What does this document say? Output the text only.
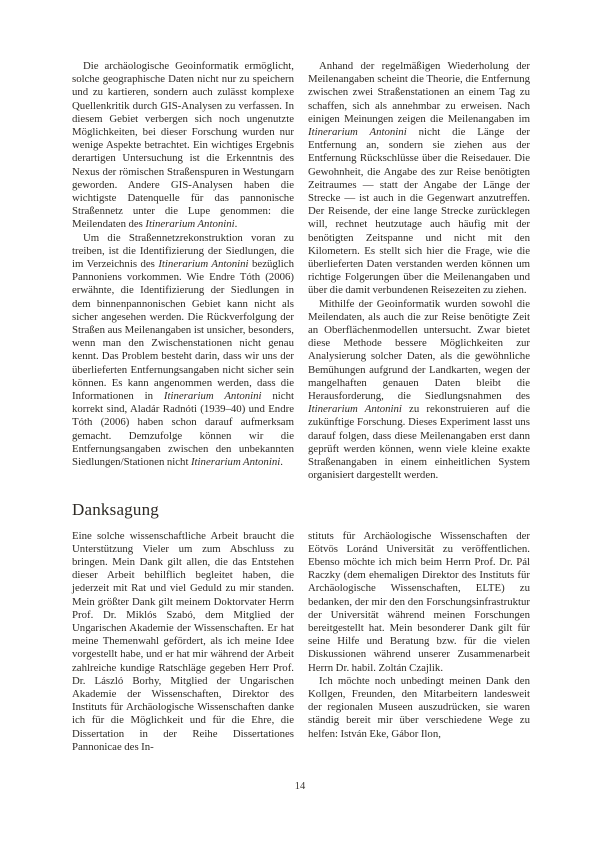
Die archäologische Geoinformatik ermöglicht, solche geographische Daten nicht nur zu speichern und zu kartieren, sondern auch zulässt komplexe Quellenkritik durch GIS-Analysen zu verfassen. In diesem Gebiet verbergen sich noch ungenutzte Möglichkeiten, bei dieser Forschung wurden nur wenige Aspekte betrachtet. Ein wichtiges Ergebnis derartigen Untersuchung ist die Erkenntnis des Nexus der römischen Straßenspuren in Westungarn geworden. Andere GIS-Analysen haben die wichtigste Datenquelle für das pannonische Straßennetz unter die Lupe genommen: die Meilendaten des Itinerarium Antonini.

Um die Straßennetzrekonstruktion voran zu treiben, ist die Identifizierung der Siedlungen, die im Verzeichnis des Itinerarium Antonini bezüglich Pannoniens vorkommen. Wie Endre Tóth (2006) erwähnte, die Identifizierung der Siedlungen in dem binnenpannonischen Gebiet kann nicht als sicher angesehen werden. Die Rückverfolgung der Straßen aus Meilenangaben ist unsicher, besonders, wenn man den Zwischenstationen nicht genau kennt. Das Problem besteht darin, dass wir uns der überlieferten Entfernungsangaben nicht sicher sein können. Es kann angenommen werden, dass die Informationen in Itinerarium Antonini nicht korrekt sind, Aladár Radnóti (1939–40) und Endre Tóth (2006) haben schon darauf aufmerksam gemacht. Demzufolge können wir die Entfernungsangaben zwischen den unbekannten Siedlungen/Stationen nicht Itinerarium Antonini.

Anhand der regelmäßigen Wiederholung der Meilenangaben scheint die Theorie, die Entfernung zwischen zwei Straßenstationen an einem Tag zu schaffen, sich als annehmbar zu erweisen. Nach einigen Meinungen zeigen die Meilenangaben im Itinerarium Antonini nicht die Länge der Entfernung an, sondern sie ziehen aus der Entfernung Rückschlüsse über die Reisedauer. Die Gewohnheit, die Angabe des zur Reise benötigten Zeitraumes — statt der Angabe der Länge der Strecke — ist auch in die Gegenwart anzutreffen. Der Reisende, der eine lange Strecke zurücklegen will, rechnet heutzutage auch häufig mit der benötigten Zeitspanne und nicht mit den Kilometern. Es stellt sich hier die Frage, wie die überlieferten Daten verstanden werden können um richtige Folgerungen über die Meilenangaben und über die damit verbundenen Reisezeiten zu ziehen.

Mithilfe der Geoinformatik wurden sowohl die Meilendaten, als auch die zur Reise benötigte Zeit an Oberflächenmodellen untersucht. Zwar bietet diese Methode bessere Möglichkeiten zur Analysierung solcher Daten, als die gewöhnliche Bemühungen aufgrund der Landkarten, wegen der mangelhaften genauen Daten bleibt die Herausforderung, die Siedlungsnahmen des Itinerarium Antonini zu rekonstruieren auf die zukünftige Forschung. Dieses Experiment lasst uns darauf folgen, dass diese Meilenangaben erst dann geprüft werden können, wenn viele kleine exakte Straßenangaben in einem einheitlichen System organisiert dargestellt werden.

Danksagung

Eine solche wissenschaftliche Arbeit braucht die Unterstützung Vieler um zum Abschluss zu bringen. Mein Dank gilt allen, die das Entstehen dieser Arbeit behilflich begleitet haben, die jederzeit mit Rat und viel Geduld zu mir standen. Mein größter Dank gilt meinem Doktorvater Herrn Prof. Dr. Miklós Szabó, dem Mitglied der Ungarischen Akademie der Wissenschaften. Er hat meine Themenwahl gefördert, als ich meine Idee vorgestellt habe, und er hat mir während der Arbeit zahlreiche kundige Ratschläge gegeben Herr Prof. Dr. László Borhy, Mitglied der Ungarischen Akademie der Wissenschaften, Direktor des Instituts für Archäologische Wissenschaften danke ich für die Möglichkeit und für die Ehre, die Dissertation in der Reihe Dissertationes Pannonicae des In-

stituts für Archäologische Wissenschaften der Eötvös Loránd Universität zu veröffentlichen. Ebenso möchte ich mich beim Herrn Prof. Dr. Pál Raczky (dem ehemaligen Direktor des Instituts für Archäologische Wissenschaften, ELTE) zu bedanken, der mir den den Forschungsinfrastruktur der Universität während meinen Forschungen bereitgestellt hat. Mein besonderer Dank gilt für seine Hilfe und Beratung bzw. für die vielen Diskussionen während unserer Zusammenarbeit Herrn Dr. habil. Zoltán Czajlik.

Ich möchte noch unbedingt meinen Dank den Kollgen, Freunden, den Mitarbeitern landesweit der regionalen Museen auszudrücken, sie waren ständig bereit mir über verschiedene Wege zu helfen: István Eke, Gábor Ilon,

14
